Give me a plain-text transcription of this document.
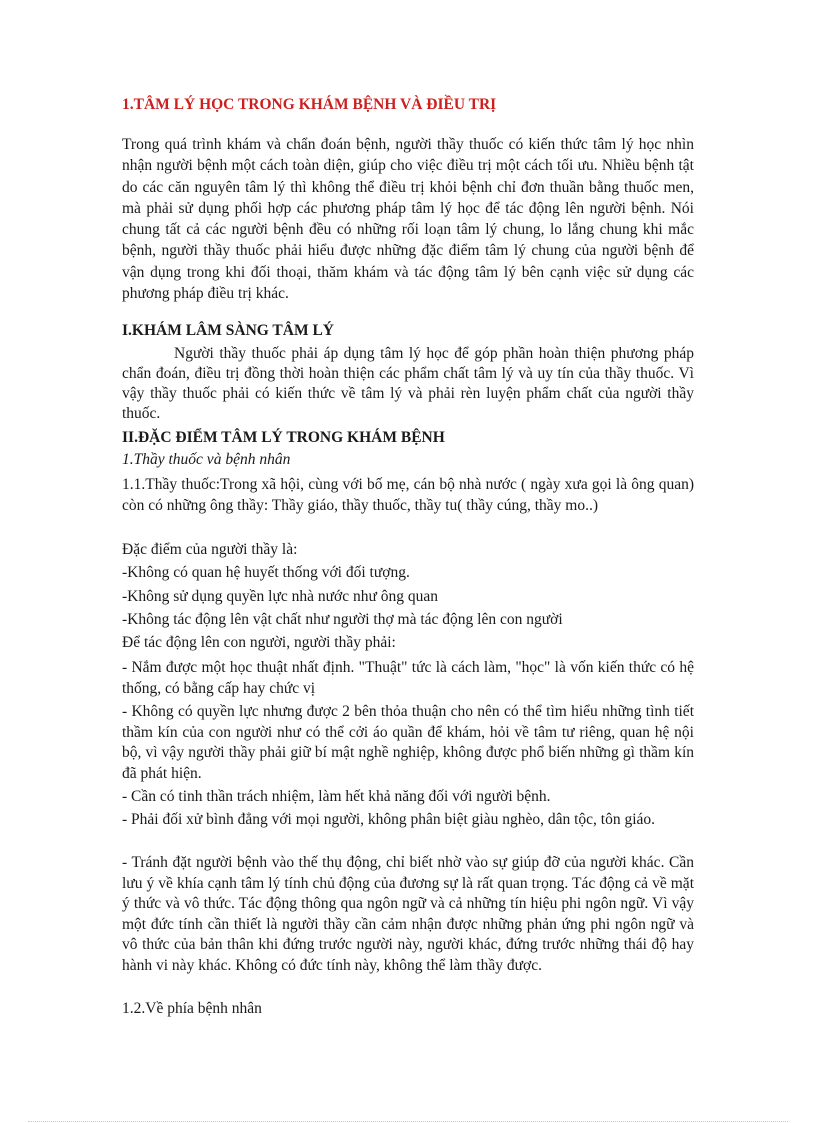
1.TÂM LÝ HỌC TRONG KHÁM BỆNH VÀ ĐIỀU TRỊ
Trong quá trình khám và chẩn đoán bệnh, người thầy thuốc có kiến thức tâm lý học nhìn nhận người bệnh một cách toàn diện, giúp cho việc điều trị một cách tối ưu. Nhiều bệnh tật do các căn nguyên tâm lý thì không thể điều trị khỏi bệnh chỉ đơn thuần bằng thuốc men, mà phải sử dụng phối hợp các phương pháp tâm lý học để tác động lên người bệnh. Nói chung tất cả các người bệnh đều có những rối loạn tâm lý chung, lo lắng chung khi mắc bệnh, người thầy thuốc phải hiểu được những đặc điểm tâm lý chung của người bệnh để vận dụng trong khi đối thoại, thăm khám và tác động tâm lý bên cạnh việc sử dụng các phương pháp điều trị khác.
I.KHÁM LÂM SÀNG TÂM LÝ
Người thầy thuốc phải áp dụng tâm lý học để góp phần hoàn thiện phương pháp chẩn đoán, điều trị đồng thời hoàn thiện các phẩm chất tâm lý và uy tín của thầy thuốc. Vì vậy thầy thuốc phải có kiến thức về tâm lý và phải rèn luyện phẩm chất của người thầy thuốc.
II.ĐẶC ĐIỂM TÂM LÝ TRONG KHÁM BỆNH
1.Thầy thuốc và bệnh nhân
1.1.Thầy thuốc:Trong xã hội, cùng với bố mẹ, cán bộ nhà nước ( ngày xưa gọi là ông quan) còn có những ông thầy: Thầy giáo, thầy thuốc, thầy tu( thầy cúng, thầy mo..)
Đặc điểm của người thầy là:
-Không có quan hệ huyết thống với đối tượng.
-Không sử dụng quyền lực nhà nước như ông quan
-Không tác động lên vật chất như người thợ mà tác động lên con người
Để tác động lên con người, người thầy phải:
- Nắm được một học thuật nhất định. "Thuật" tức là cách làm, "học" là vốn kiến thức có hệ thống, có bằng cấp hay chức vị
- Không có quyền lực nhưng được 2 bên thỏa thuận cho nên có thể tìm hiểu những tình tiết thầm kín của con người như có thể cởi áo quần để khám, hỏi về tâm tư riêng, quan hệ nội bộ, vì vậy người thầy phải giữ bí mật nghề nghiệp, không được phổ biến những gì thầm kín đã phát hiện.
- Cần có tinh thần trách nhiệm, làm hết khả năng đối với người bệnh.
- Phải đối xử bình đẳng với mọi người, không phân biệt giàu nghèo, dân tộc, tôn giáo.
- Tránh đặt người bệnh vào thế thụ động, chỉ biết nhờ vào sự giúp đỡ của người khác. Cần lưu ý về khía cạnh tâm lý tính chủ động của đương sự là rất quan trọng. Tác động cả về mặt ý thức và vô thức. Tác động thông qua ngôn ngữ và cả những tín hiệu phi ngôn ngữ. Vì vậy một đức tính cần thiết là người thầy cần cảm nhận được những phản ứng phi ngôn ngữ và vô thức của bản thân khi đứng trước người này, người khác, đứng trước những thái độ hay hành vi này khác. Không có đức tính này, không thể làm thầy được.
1.2.Về phía bệnh nhân
